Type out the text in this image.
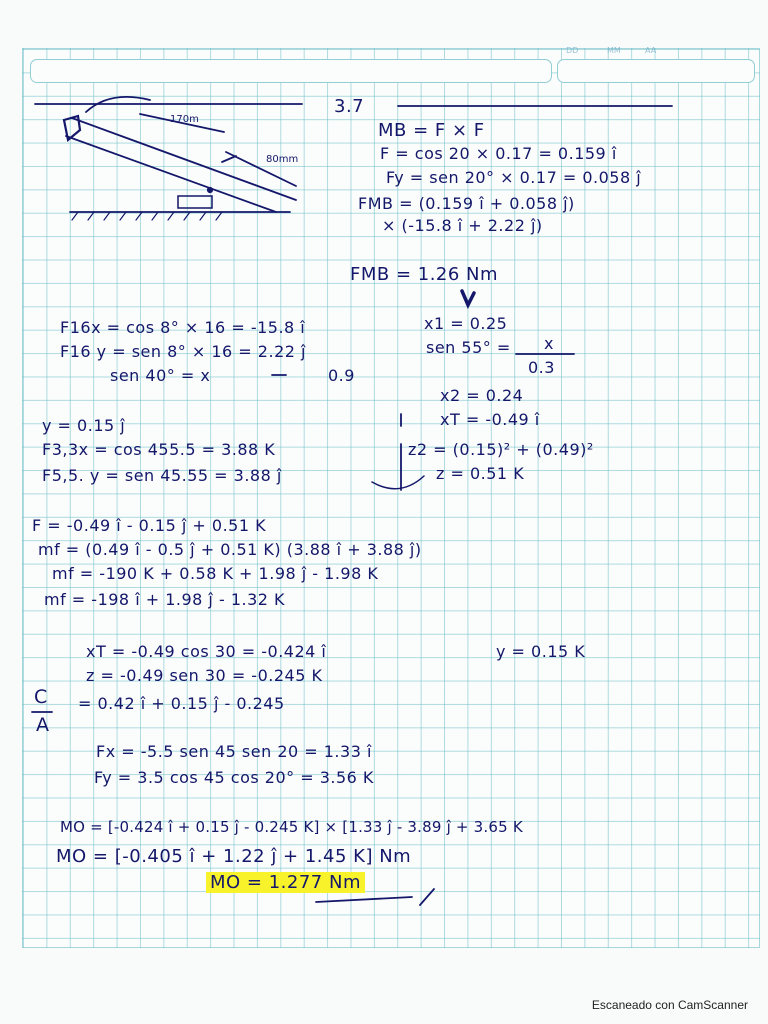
DD	MM	AA
3.7
170m
80mm
MB = F × F
F = cos 20 × 0.17 = 0.159 î
Fy = sen 20° × 0.17 = 0.058 ĵ
FMB = (0.159 î + 0.058 ĵ)
× (-15.8 î + 2.22 ĵ)
FMB = 1.26 Nm
F16x = cos 8° × 16 = -15.8 î
F16 y = sen 8° × 16 = 2.22 ĵ
sen 40° = x	0.9
x1 = 0.25
sen 55° = x
0.3
x2 = 0.24
xT = -0.49 î
y = 0.15 ĵ
F3,3x = cos 455.5 = 3.88 K
F5,5. y = sen 45.55 = 3.88 ĵ
z2 = (0.15)² + (0.49)²
z = 0.51 K
F = -0.49 î - 0.15 ĵ + 0.51 K
mf = (0.49 î - 0.5 ĵ + 0.51 K) (3.88 î + 3.88 ĵ)
mf = -190 K + 0.58 K + 1.98 ĵ - 1.98 K
mf = -198 î + 1.98 ĵ - 1.32 K
xT = -0.49 cos 30 = -0.424 î	y = 0.15 K
z = -0.49 sen 30 = -0.245 K
C = 0.42 î + 0.15 ĵ - 0.245
A
Fx = -5.5 sen 45 sen 20 = 1.33 î
Fy = 3.5 cos 45 cos 20° = 3.56 K
MO = [-0.424 î + 0.15 ĵ - 0.245 K] × [1.33 ĵ - 3.89 ĵ + 3.65 K
MO = [-0.405 î + 1.22 ĵ + 1.45 K] Nm
MO = 1.277 Nm
Escaneado con CamScanner
